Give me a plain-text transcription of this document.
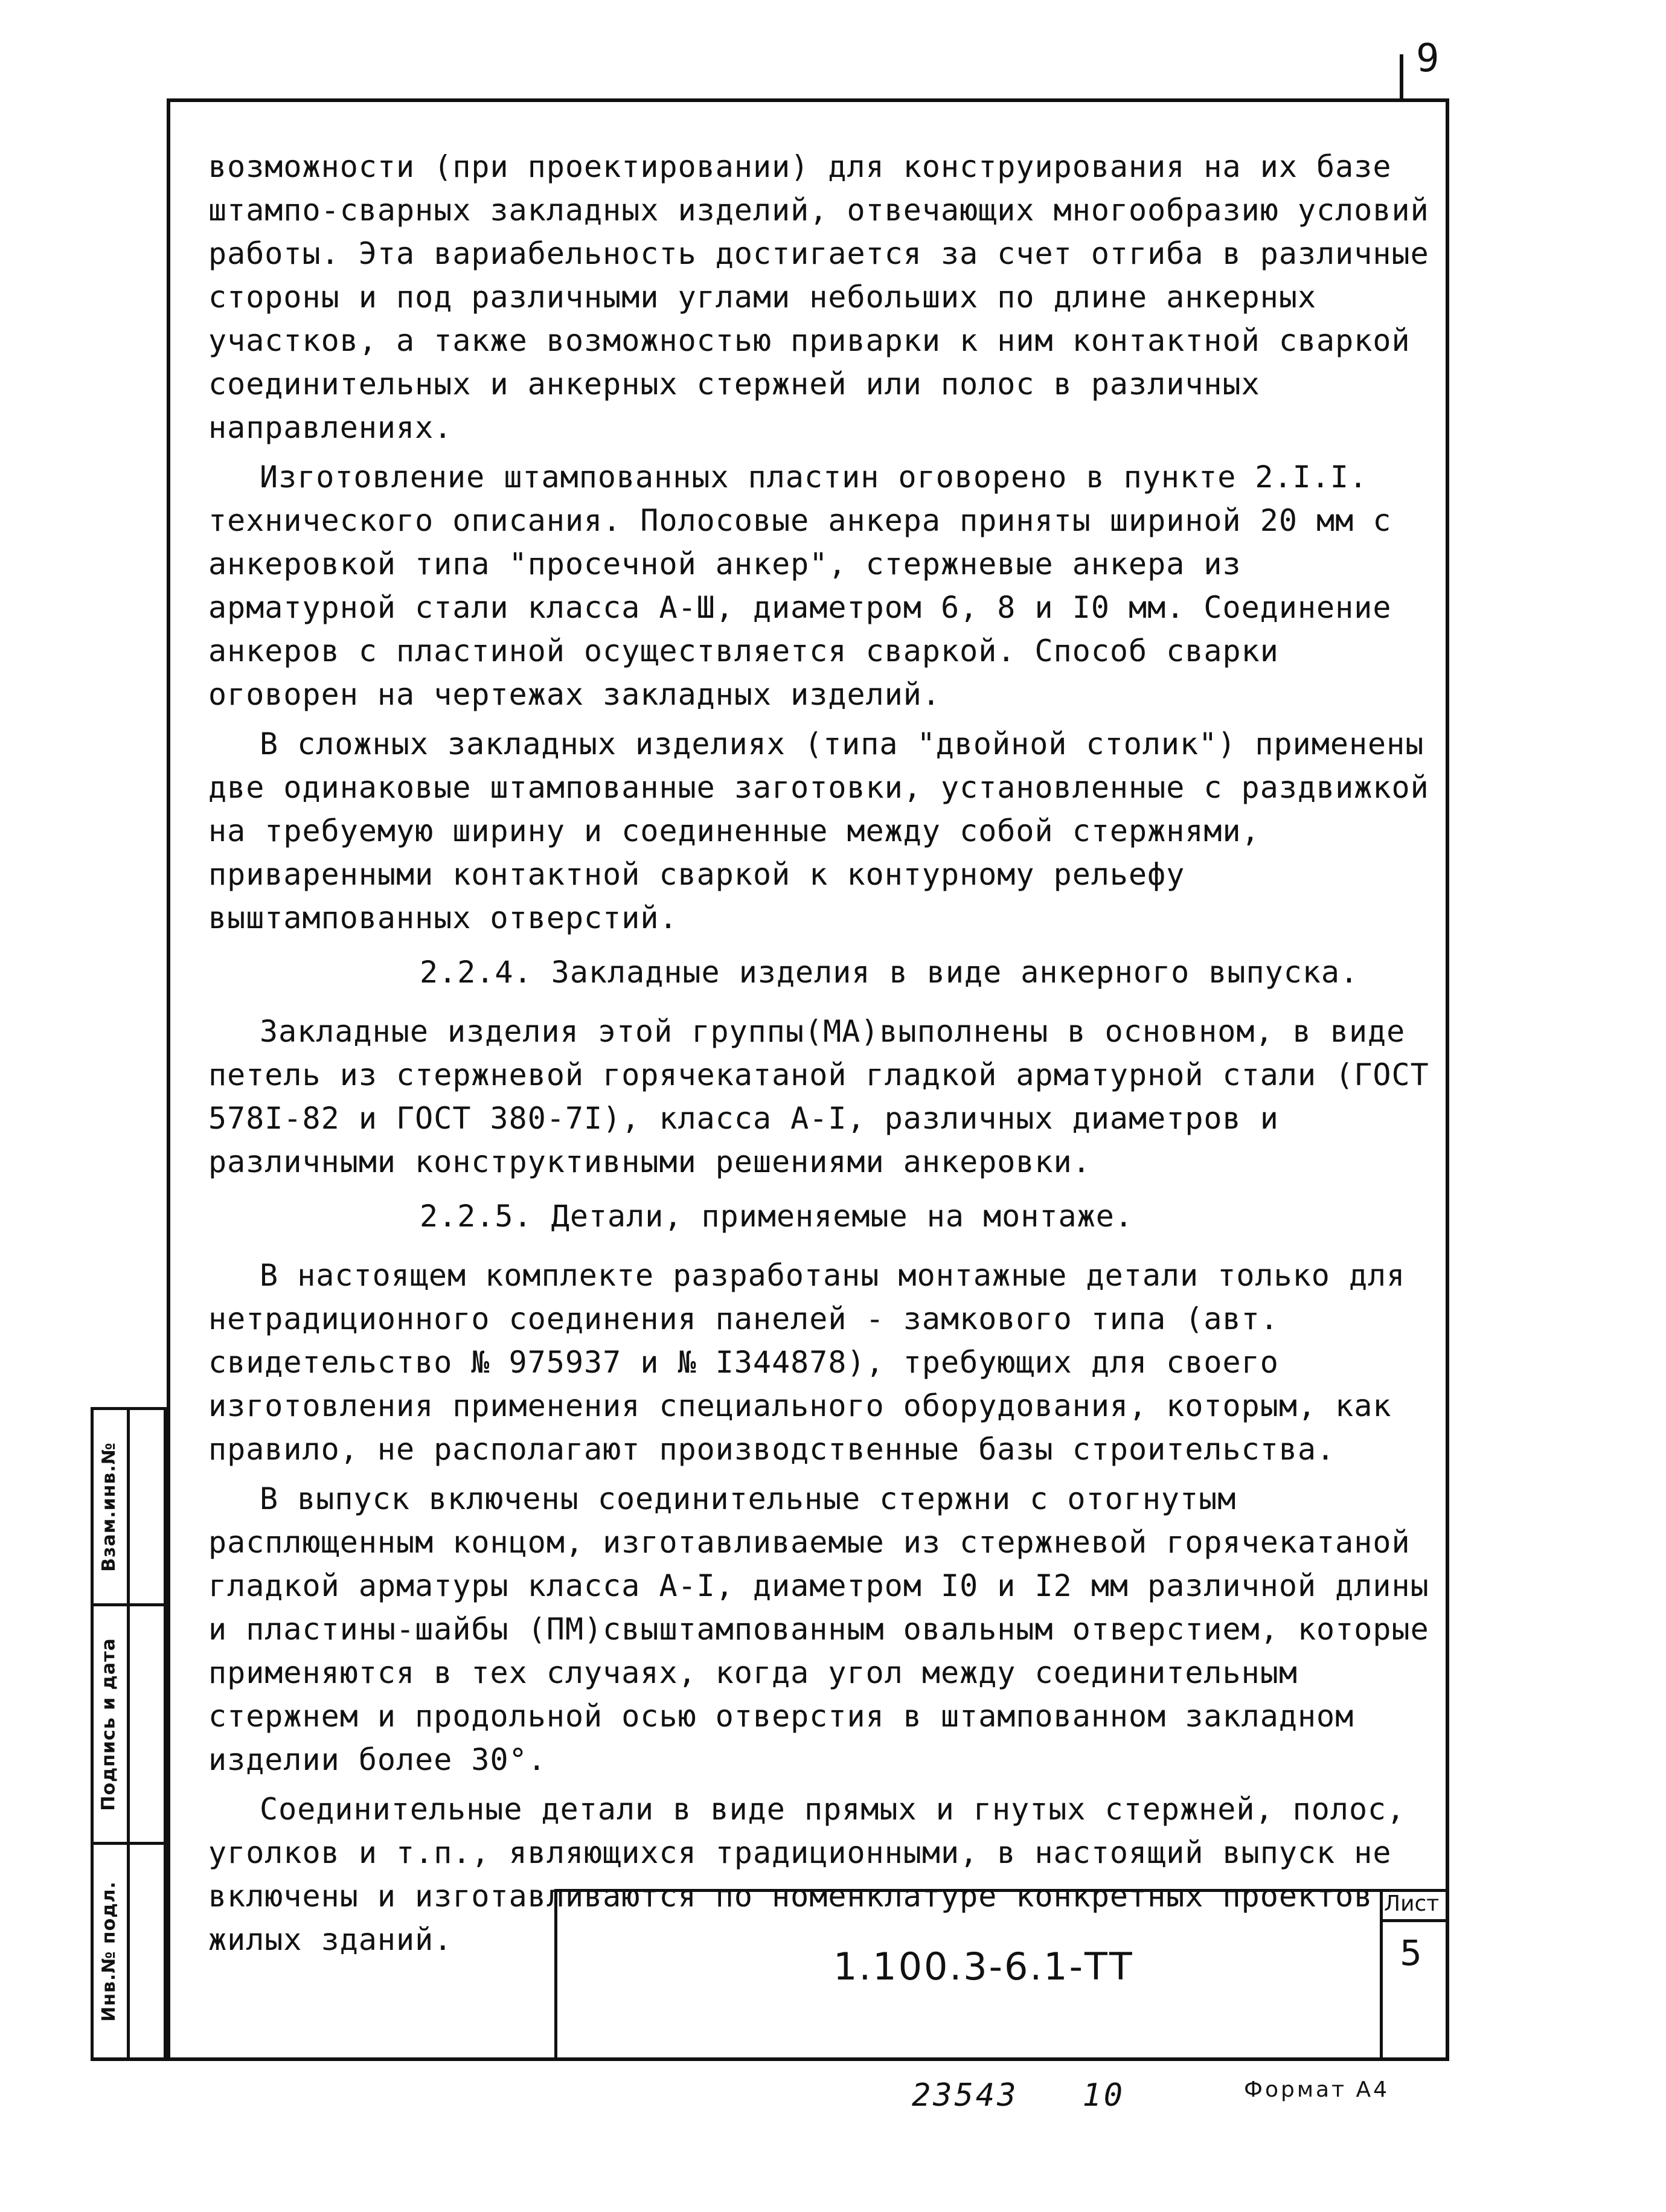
9

возможности (при проектировании) для конструирования на их базе штампо-сварных закладных изделий, отвечающих многообразию условий работы. Эта вариабельность достигается за счет отгиба в различные стороны и под различными углами небольших по длине анкерных участков, а также возможностью приварки к ним контактной сваркой соединительных и анкерных стержней или полос в различных направлениях.

Изготовление штампованных пластин оговорено в пункте 2.I.I. технического описания. Полосовые анкера приняты шириной 20 мм с анкеровкой типа "просечной анкер", стержневые анкера из арматурной стали класса А-Ш, диаметром 6, 8 и I0 мм. Соединение анкеров с пластиной осуществляется сваркой. Способ сварки оговорен на чертежах закладных изделий.

В сложных закладных изделиях (типа "двойной столик") применены две одинаковые штампованные заготовки, установленные с раздвижкой на требуемую ширину и соединенные между собой стержнями, приваренными контактной сваркой к контурному рельефу выштампованных отверстий.

2.2.4. Закладные изделия в виде анкерного выпуска.

Закладные изделия этой группы(МА)выполнены в основном, в виде петель из стержневой горячекатаной гладкой арматурной стали (ГОСТ 578I-82 и ГОСТ 380-7I), класса А-I, различных диаметров и различными конструктивными решениями анкеровки.

2.2.5. Детали, применяемые на монтаже.

В настоящем комплекте разработаны монтажные детали только для нетрадиционного соединения панелей - замкового типа (авт. свидетельство № 975937 и № I344878), требующих для своего изготовления применения специального оборудования, которым, как правило, не располагают производственные базы строительства.

В выпуск включены соединительные стержни с отогнутым расплющенным концом, изготавливаемые из стержневой горячекатаной гладкой арматуры класса А-I, диаметром I0 и I2 мм различной длины и пластины-шайбы (ПМ)свыштампованным овальным отверстием, которые применяются в тех случаях, когда угол между соединительным стержнем и продольной осью отверстия в штампованном закладном изделии более 30°.

Соединительные детали в виде прямых и гнутых стержней, полос, уголков и т.п., являющихся традиционными, в настоящий выпуск не включены и изготавливаются по номенклатуре конкретных проектов жилых зданий.

Взам.инв.№
Подпись и дата
Инв.№ подл.	Лист
5
1.100.3-6.1-ТТ
23543   10	Формат А4
